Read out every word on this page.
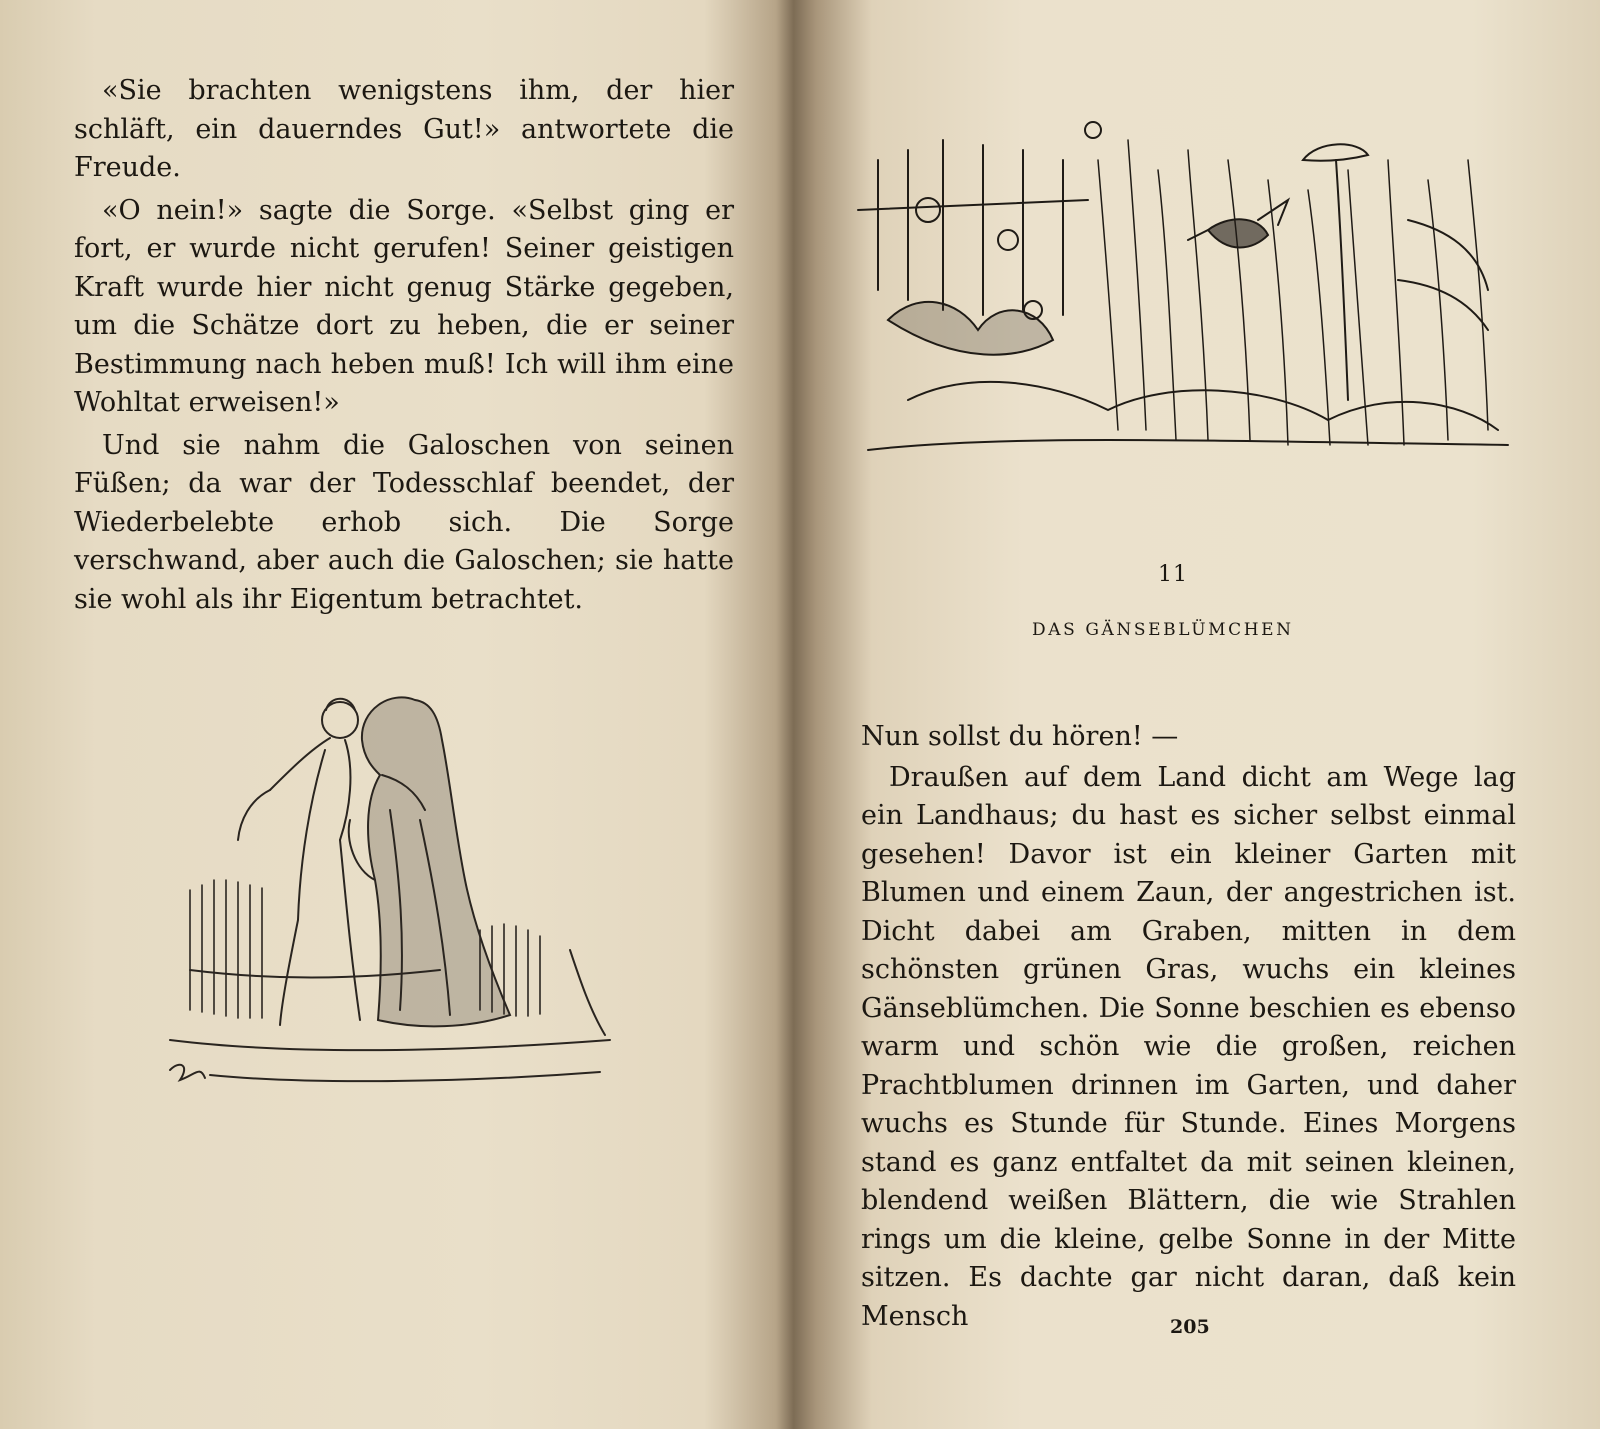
«Sie brachten wenigstens ihm, der hier schläft, ein dauerndes Gut!» antwortete die Freude.

«O nein!» sagte die Sorge. «Selbst ging er fort, er wurde nicht gerufen! Seiner geistigen Kraft wurde hier nicht genug Stärke gegeben, um die Schätze dort zu heben, die er seiner Bestimmung nach heben muß! Ich will ihm eine Wohltat erweisen!»

Und sie nahm die Galoschen von seinen Füßen; da war der Todesschlaf beendet, der Wiederbelebte erhob sich. Die Sorge verschwand, aber auch die Galoschen; sie hatte sie wohl als ihr Eigentum betrachtet.

11
DAS GÄNSEBLÜMCHEN

Nun sollst du hören! —

Draußen auf dem Land dicht am Wege lag ein Landhaus; du hast es sicher selbst einmal gesehen! Davor ist ein kleiner Garten mit Blumen und einem Zaun, der angestrichen ist. Dicht dabei am Graben, mitten in dem schönsten grünen Gras, wuchs ein kleines Gänseblümchen. Die Sonne beschien es ebenso warm und schön wie die großen, reichen Prachtblumen drinnen im Garten, und daher wuchs es Stunde für Stunde. Eines Morgens stand es ganz entfaltet da mit seinen kleinen, blendend weißen Blättern, die wie Strahlen rings um die kleine, gelbe Sonne in der Mitte sitzen. Es dachte gar nicht daran, daß kein Mensch	205
